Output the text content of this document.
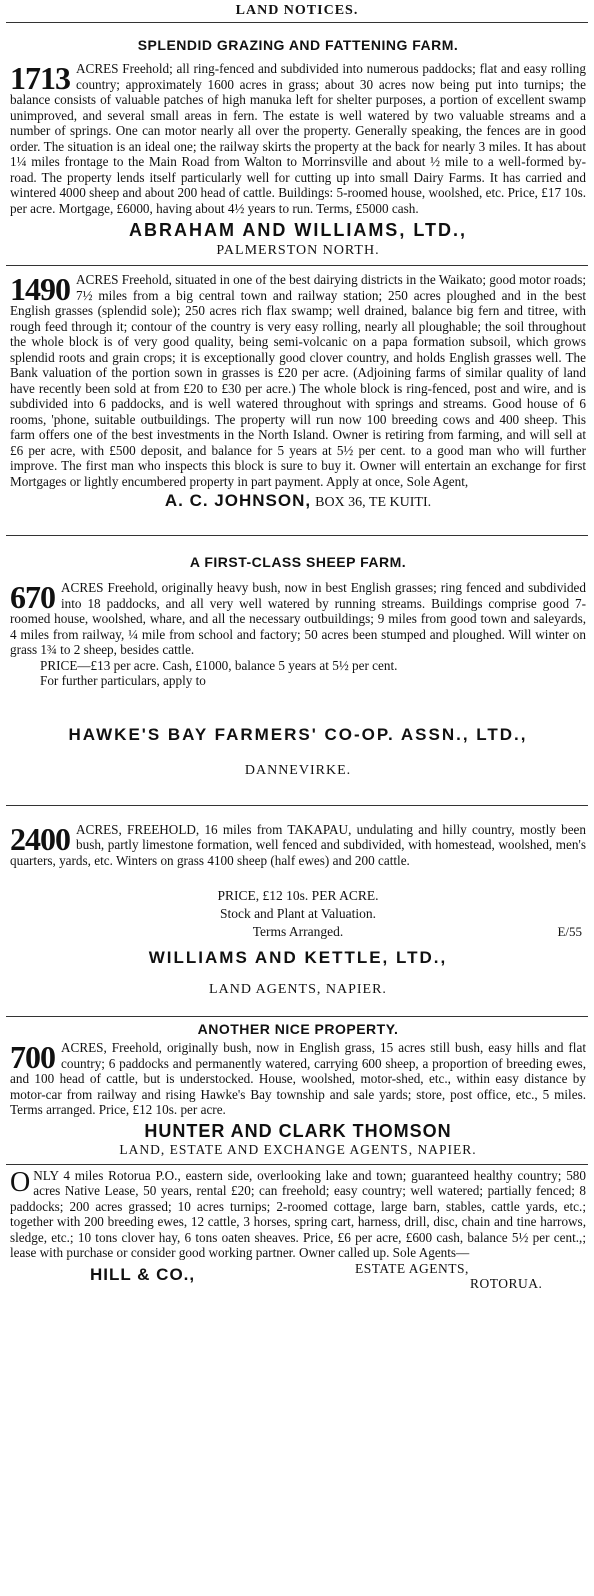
LAND NOTICES.
SPLENDID GRAZING AND FATTENING FARM.
1713 ACRES Freehold; all ring-fenced and subdivided into numerous paddocks; flat and easy rolling country; approximately 1600 acres in grass; about 30 acres now being put into turnips; the balance consists of valuable patches of high manuka left for shelter purposes, a portion of excellent swamp unimproved, and several small areas in fern. The estate is well watered by two valuable streams and a number of springs. One can motor nearly all over the property. Generally speaking, the fences are in good order. The situation is an ideal one; the railway skirts the property at the back for nearly 3 miles. It has about 1¼ miles frontage to the Main Road from Walton to Morrinsville and about ½ mile to a well-formed by-road. The property lends itself particularly well for cutting up into small Dairy Farms. It has carried and wintered 4000 sheep and about 200 head of cattle. Buildings: 5-roomed house, woolshed, etc. Price, £17 10s. per acre. Mortgage, £6000, having about 4½ years to run. Terms, £5000 cash.
ABRAHAM AND WILLIAMS, LTD.,
PALMERSTON NORTH.
1490 ACRES Freehold, situated in one of the best dairying districts in the Waikato; good motor roads; 7½ miles from a big central town and railway station; 250 acres ploughed and in the best English grasses (splendid sole); 250 acres rich flax swamp; well drained, balance big fern and titree, with rough feed through it; contour of the country is very easy rolling, nearly all ploughable; the soil throughout the whole block is of very good quality, being semi-volcanic on a papa formation subsoil, which grows splendid roots and grain crops; it is exceptionally good clover country, and holds English grasses well. The Bank valuation of the portion sown in grasses is £20 per acre. (Adjoining farms of similar quality of land have recently been sold at from £20 to £30 per acre.) The whole block is ring-fenced, post and wire, and is subdivided into 6 paddocks, and is well watered throughout with springs and streams. Good house of 6 rooms, 'phone, suitable outbuildings. The property will run now 100 breeding cows and 400 sheep. This farm offers one of the best investments in the North Island. Owner is retiring from farming, and will sell at £6 per acre, with £500 deposit, and balance for 5 years at 5½ per cent. to a good man who will further improve. The first man who inspects this block is sure to buy it. Owner will entertain an exchange for first Mortgages or lightly encumbered property in part payment. Apply at once, Sole Agent,
A. C. JOHNSON, BOX 36, TE KUITI.
A FIRST-CLASS SHEEP FARM.
670 ACRES Freehold, originally heavy bush, now in best English grasses; ring fenced and subdivided into 18 paddocks, and all very well watered by running streams. Buildings comprise good 7-roomed house, woolshed, whare, and all the necessary outbuildings; 9 miles from good town and saleyards, 4 miles from railway, ¼ mile from school and factory; 50 acres been stumped and ploughed. Will winter on grass 1¾ to 2 sheep, besides cattle.
PRICE—£13 per acre. Cash, £1000, balance 5 years at 5½ per cent.
For further particulars, apply to
HAWKE'S BAY FARMERS' CO-OP. ASSN., LTD.,
DANNEVIRKE.
2400 ACRES, FREEHOLD, 16 miles from TAKAPAU, undulating and hilly country, mostly been bush, partly limestone formation, well fenced and subdivided, with homestead, woolshed, men's quarters, yards, etc. Winters on grass 4100 sheep (half ewes) and 200 cattle.
PRICE, £12 10s. PER ACRE.
Stock and Plant at Valuation.
Terms Arranged.	E/55
WILLIAMS AND KETTLE, LTD.,
LAND AGENTS, NAPIER.
ANOTHER NICE PROPERTY.
700 ACRES, Freehold, originally bush, now in English grass, 15 acres still bush, easy hills and flat country; 6 paddocks and permanently watered, carrying 600 sheep, a proportion of breeding ewes, and 100 head of cattle, but is understocked. House, woolshed, motor-shed, etc., within easy distance by motor-car from railway and rising Hawke's Bay township and sale yards; store, post office, etc., 5 miles. Terms arranged. Price, £12 10s. per acre.
HUNTER AND CLARK THOMSON
LAND, ESTATE AND EXCHANGE AGENTS, NAPIER.
O NLY 4 miles Rotorua P.O., eastern side, overlooking lake and town; guaranteed healthy country; 580 acres Native Lease, 50 years, rental £20; can freehold; easy country; well watered; partially fenced; 8 paddocks; 200 acres grassed; 10 acres turnips; 2-roomed cottage, large barn, stables, cattle yards, etc.; together with 200 breeding ewes, 12 cattle, 3 horses, spring cart, harness, drill, disc, chain and tine harrows, sledge, etc.; 10 tons clover hay, 6 tons oaten sheaves. Price, £6 per acre, £600 cash, balance 5½ per cent.,; lease with purchase or consider good working partner. Owner called up. Sole Agents—
HILL & CO.,	ESTATE AGENTS,
ROTORUA.
